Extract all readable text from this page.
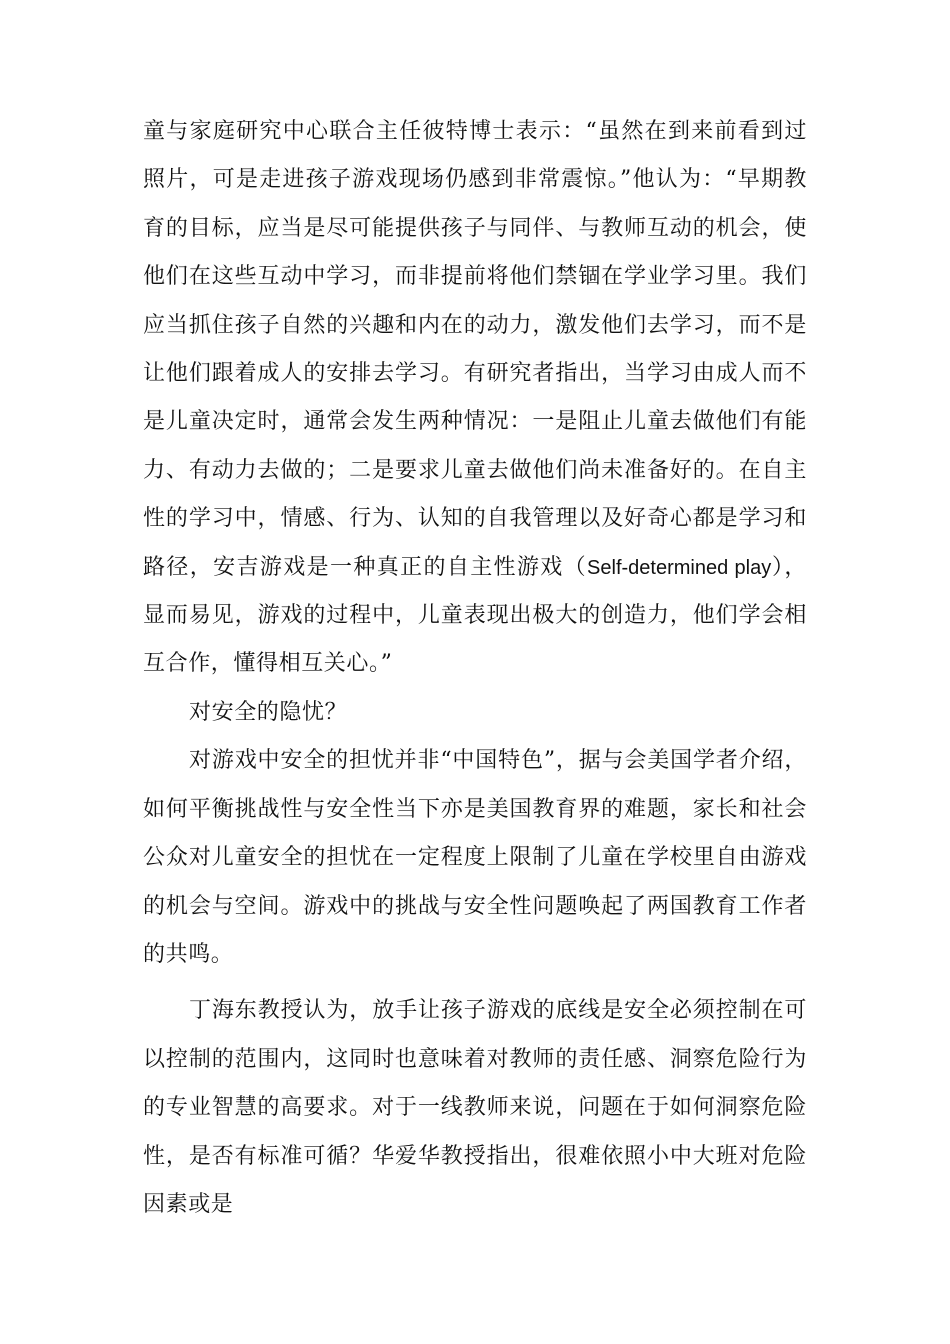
童与家庭研究中心联合主任彼特博士表示：“虽然在到来前看到过照片，可是走进孩子游戏现场仍感到非常震惊。”他认为：“早期教育的目标，应当是尽可能提供孩子与同伴、与教师互动的机会，使他们在这些互动中学习，而非提前将他们禁锢在学业学习里。我们应当抓住孩子自然的兴趣和内在的动力，激发他们去学习，而不是让他们跟着成人的安排去学习。有研究者指出，当学习由成人而不是儿童决定时，通常会发生两种情况：一是阻止儿童去做他们有能力、有动力去做的；二是要求儿童去做他们尚未准备好的。在自主性的学习中，情感、行为、认知的自我管理以及好奇心都是学习和路径，安吉游戏是一种真正的自主性游戏（Self-determined play），显而易见，游戏的过程中，儿童表现出极大的创造力，他们学会相互合作，懂得相互关心。”

对安全的隐忧？

对游戏中安全的担忧并非“中国特色”，据与会美国学者介绍，如何平衡挑战性与安全性当下亦是美国教育界的难题，家长和社会公众对儿童安全的担忧在一定程度上限制了儿童在学校里自由游戏的机会与空间。游戏中的挑战与安全性问题唤起了两国教育工作者的共鸣。

丁海东教授认为，放手让孩子游戏的底线是安全必须控制在可以控制的范围内，这同时也意味着对教师的责任感、洞察危险行为的专业智慧的高要求。对于一线教师来说，问题在于如何洞察危险性，是否有标准可循？华爱华教授指出，很难依照小中大班对危险因素或是
